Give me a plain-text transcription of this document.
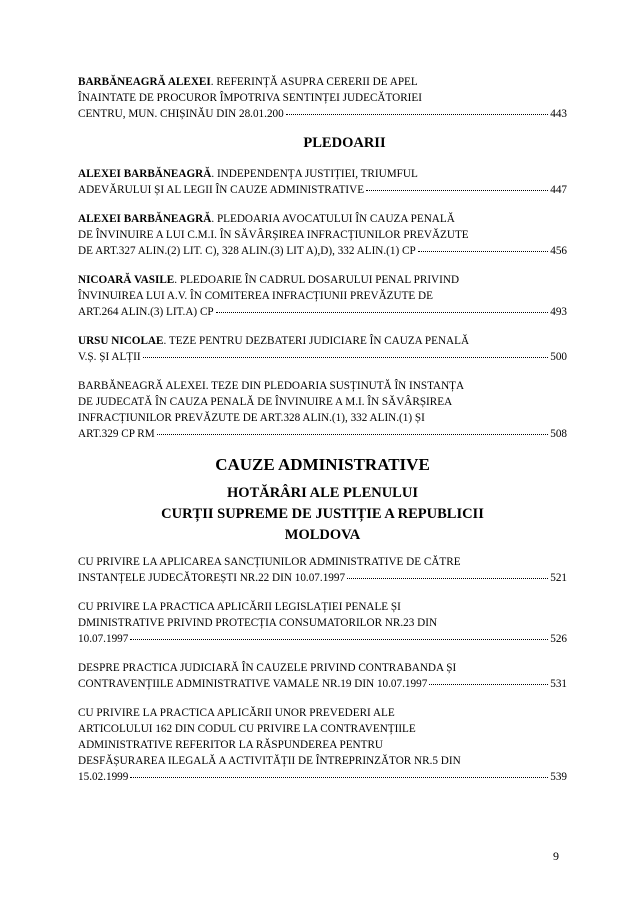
BARBĂNEAGRĂ ALEXEI. REFERINȚĂ ASUPRA CERERII DE APEL
ÎNAINTATE DE PROCUROR ÎMPOTRIVA SENTINȚEI JUDECĂTORIEI
CENTRU, MUN. CHIȘINĂU DIN 28.01.200	443
PLEDOARII
ALEXEI BARBĂNEAGRĂ. INDEPENDENȚA JUSTIȚIEI, TRIUMFUL
ADEVĂRULUI ȘI AL LEGII ÎN CAUZE ADMINISTRATIVE	447
ALEXEI BARBĂNEAGRĂ. PLEDOARIA AVOCATULUI ÎN CAUZA PENALĂ
DE ÎNVINUIRE A LUI C.M.I. ÎN SĂVÂRȘIREA INFRACȚIUNILOR PREVĂZUTE
DE ART.327 ALIN.(2) LIT. C), 328 ALIN.(3) LIT A),D), 332 ALIN.(1) CP	456
NICOARĂ VASILE. PLEDOARIE ÎN CADRUL DOSARULUI PENAL PRIVIND
ÎNVINUIREA LUI A.V. ÎN COMITEREA INFRACȚIUNII PREVĂZUTE DE
ART.264 ALIN.(3) LIT.A) CP	493
URSU NICOLAE. TEZE PENTRU DEZBATERI JUDICIARE ÎN CAUZA PENALĂ
V.Ș. ȘI ALȚII	500
BARBĂNEAGRĂ ALEXEI. TEZE DIN PLEDOARIA SUSȚINUTĂ ÎN INSTANȚA
DE JUDECATĂ ÎN CAUZA PENALĂ DE ÎNVINUIRE A M.I. ÎN SĂVÂRȘIREA
INFRACȚIUNILOR PREVĂZUTE DE ART.328 ALIN.(1), 332 ALIN.(1) ȘI
ART.329 CP RM	508
CAUZE ADMINISTRATIVE
HOTĂRÂRI ALE PLENULUI
CURȚII SUPREME DE JUSTIȚIE A REPUBLICII
MOLDOVA
CU PRIVIRE LA APLICAREA SANCȚIUNILOR ADMINISTRATIVE DE CĂTRE
INSTANȚELE JUDECĂTOREȘTI NR.22 DIN 10.07.1997	521
CU PRIVIRE LA PRACTICA APLICĂRII LEGISLAȚIEI PENALE ȘI
DMINISTRATIVE PRIVIND PROTECȚIA CONSUMATORILOR NR.23 DIN
10.07.1997	526
DESPRE PRACTICA JUDICIARĂ ÎN CAUZELE PRIVIND CONTRABANDA ȘI
CONTRAVENȚIILE ADMINISTRATIVE VAMALE NR.19 DIN 10.07.1997	531
CU PRIVIRE LA PRACTICA APLICĂRII UNOR PREVEDERI ALE
ARTICOLULUI 162 DIN CODUL CU PRIVIRE LA CONTRAVENȚIILE
ADMINISTRATIVE REFERITOR LA RĂSPUNDEREA PENTRU
DESFĂȘURAREA ILEGALĂ A ACTIVITĂȚII DE ÎNTREPRINZĂTOR NR.5 DIN
15.02.1999	539
9
